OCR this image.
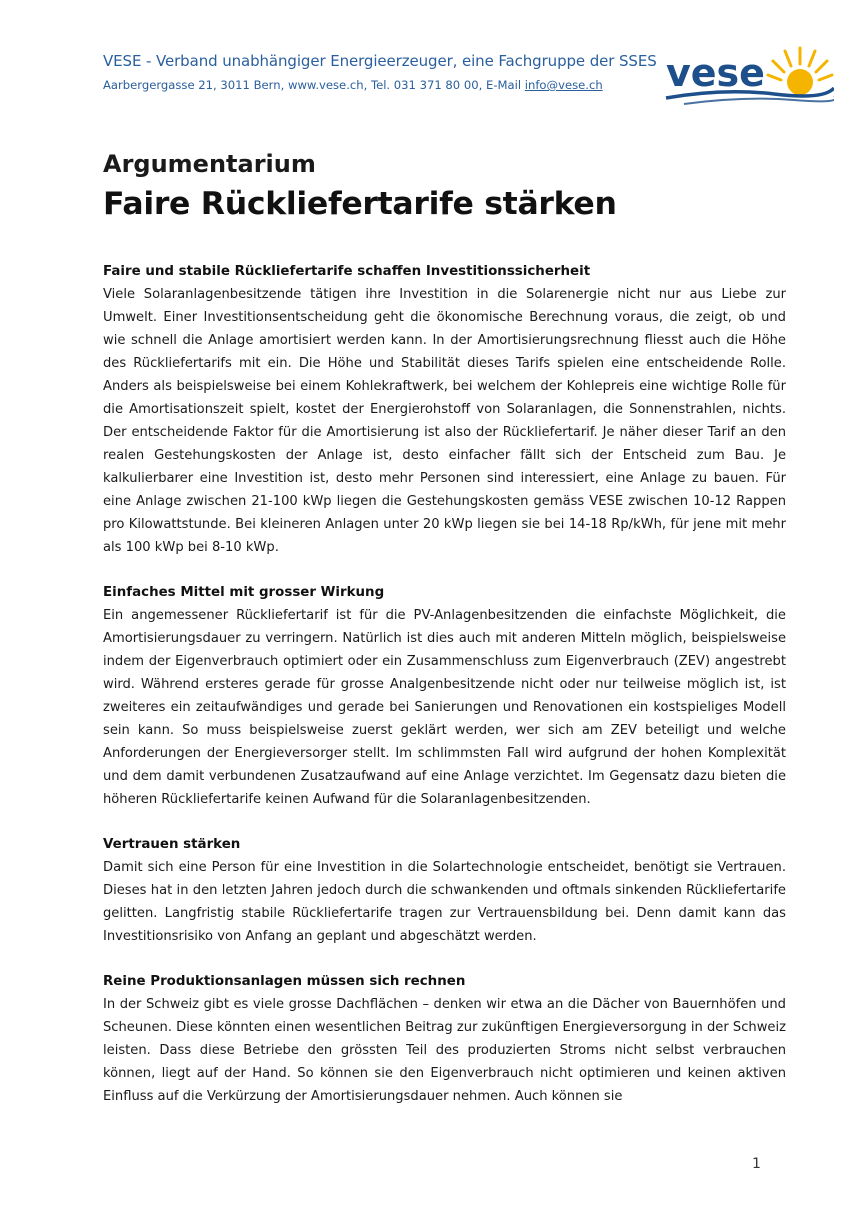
VESE - Verband unabhängiger Energieerzeuger, eine Fachgruppe der SSES
Aarbergergasse 21, 3011 Bern, www.vese.ch, Tel. 031 371 80 00, E-Mail info@vese.ch	vese
Argumentarium
Faire Rückliefertarife stärken
Faire und stabile Rückliefertarife schaffen Investitionssicherheit

Viele Solaranlagenbesitzende tätigen ihre Investition in die Solarenergie nicht nur aus Liebe zur Umwelt. Einer Investitionsentscheidung geht die ökonomische Berechnung voraus, die zeigt, ob und wie schnell die Anlage amortisiert werden kann. In der Amortisierungsrechnung fliesst auch die Höhe des Rückliefertarifs mit ein. Die Höhe und Stabilität dieses Tarifs spielen eine entscheidende Rolle. Anders als beispielsweise bei einem Kohlekraftwerk, bei welchem der Kohlepreis eine wichtige Rolle für die Amortisationszeit spielt, kostet der Energierohstoff von Solaranlagen, die Sonnenstrahlen, nichts. Der entscheidende Faktor für die Amortisierung ist also der Rückliefertarif. Je näher dieser Tarif an den realen Gestehungskosten der Anlage ist, desto einfacher fällt sich der Entscheid zum Bau. Je kalkulierbarer eine Investition ist, desto mehr Personen sind interessiert, eine Anlage zu bauen. Für eine Anlage zwischen 21-100 kWp liegen die Gestehungskosten gemäss VESE zwischen 10-12 Rappen pro Kilowattstunde. Bei kleineren Anlagen unter 20 kWp liegen sie bei 14-18 Rp/kWh, für jene mit mehr als 100 kWp bei 8-10 kWp.

Einfaches Mittel mit grosser Wirkung

Ein angemessener Rückliefertarif ist für die PV-Anlagenbesitzenden die einfachste Möglichkeit, die Amortisierungsdauer zu verringern. Natürlich ist dies auch mit anderen Mitteln möglich, beispielsweise indem der Eigenverbrauch optimiert oder ein Zusammenschluss zum Eigenverbrauch (ZEV) angestrebt wird. Während ersteres gerade für grosse Analgenbesitzende nicht oder nur teilweise möglich ist, ist zweiteres ein zeitaufwändiges und gerade bei Sanierungen und Renovationen ein kostspieliges Modell sein kann. So muss beispielsweise zuerst geklärt werden, wer sich am ZEV beteiligt und welche Anforderungen der Energieversorger stellt. Im schlimmsten Fall wird aufgrund der hohen Komplexität und dem damit verbundenen Zusatzaufwand auf eine Anlage verzichtet. Im Gegensatz dazu bieten die höheren Rückliefertarife keinen Aufwand für die Solaranlagenbesitzenden.

Vertrauen stärken

Damit sich eine Person für eine Investition in die Solartechnologie entscheidet, benötigt sie Vertrauen. Dieses hat in den letzten Jahren jedoch durch die schwankenden und oftmals sinkenden Rückliefertarife gelitten. Langfristig stabile Rückliefertarife tragen zur Vertrauensbildung bei. Denn damit kann das Investitionsrisiko von Anfang an geplant und abgeschätzt werden.

Reine Produktionsanlagen müssen sich rechnen

In der Schweiz gibt es viele grosse Dachflächen – denken wir etwa an die Dächer von Bauernhöfen und Scheunen. Diese könnten einen wesentlichen Beitrag zur zukünftigen Energieversorgung in der Schweiz leisten. Dass diese Betriebe den grössten Teil des produzierten Stroms nicht selbst verbrauchen können, liegt auf der Hand. So können sie den Eigenverbrauch nicht optimieren und keinen aktiven Einfluss auf die Verkürzung der Amortisierungsdauer nehmen. Auch können sie

1
